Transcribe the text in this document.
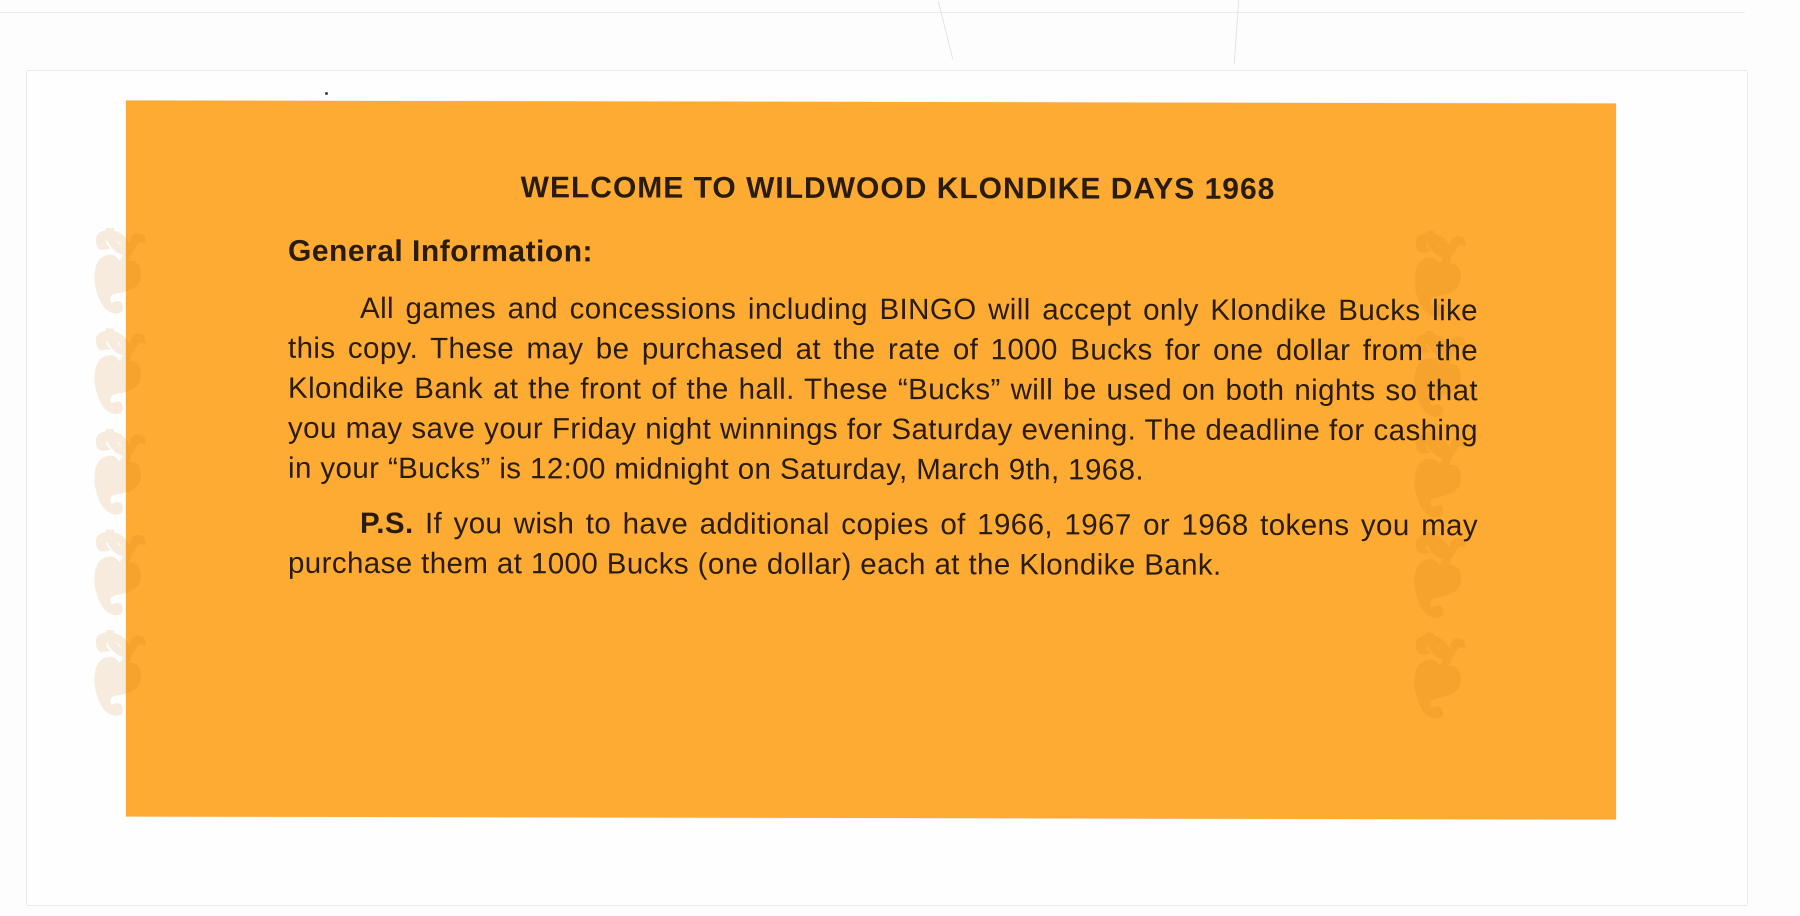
❧❧❧❧❧
WELCOME TO WILDWOOD KLONDIKE DAYS 1968
General Information:

All games and concessions including BINGO will accept only Klondike Bucks like this copy. These may be purchased at the rate of 1000 Bucks for one dollar from the Klondike Bank at the front of the hall. These “Bucks” will be used on both nights so that you may save your Friday night winnings for Saturday evening. The deadline for cashing in your “Bucks” is 12:00 midnight on Saturday, March 9th, 1968.

P.S. If you wish to have additional copies of 1966, 1967 or 1968 tokens you may purchase them at 1000 Bucks (one dollar) each at the Klondike Bank.
